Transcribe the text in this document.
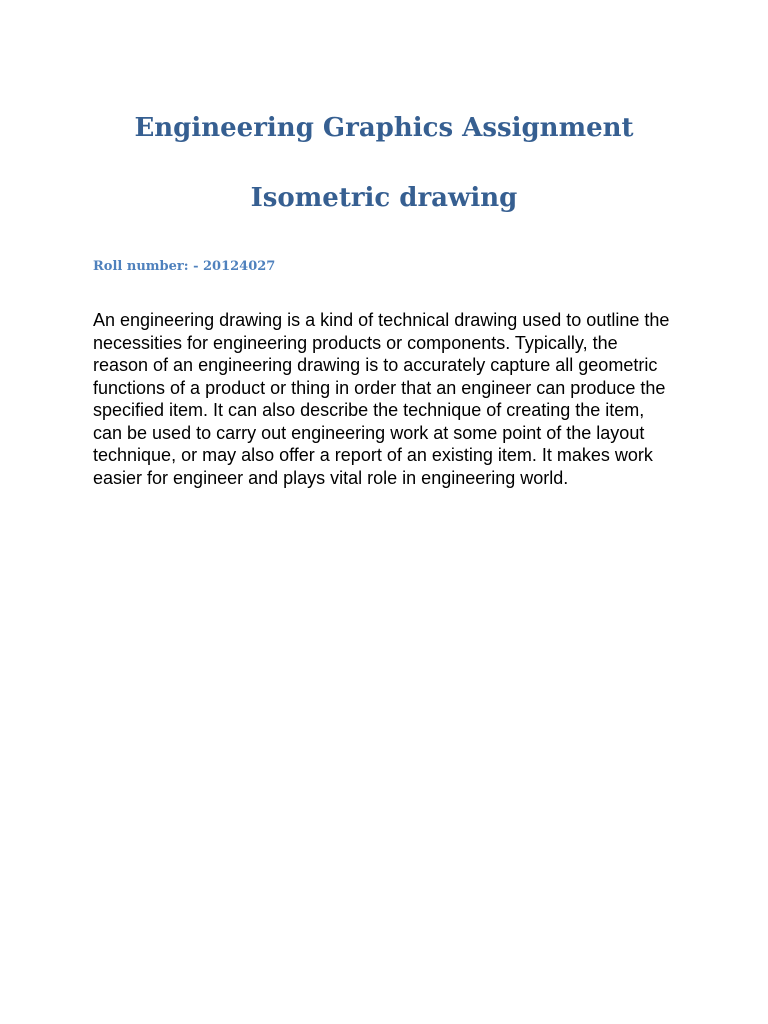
Engineering Graphics Assignment
Isometric drawing

Roll number: - 20124027

An engineering drawing is a kind of technical drawing used to outline the
necessities for engineering products or components. Typically, the
reason of an engineering drawing is to accurately capture all geometric
functions of a product or thing in order that an engineer can produce the
specified item. It can also describe the technique of creating the item,
can be used to carry out engineering work at some point of the layout
technique, or may also offer a report of an existing item. It makes work
easier for engineer and plays vital role in engineering world.
